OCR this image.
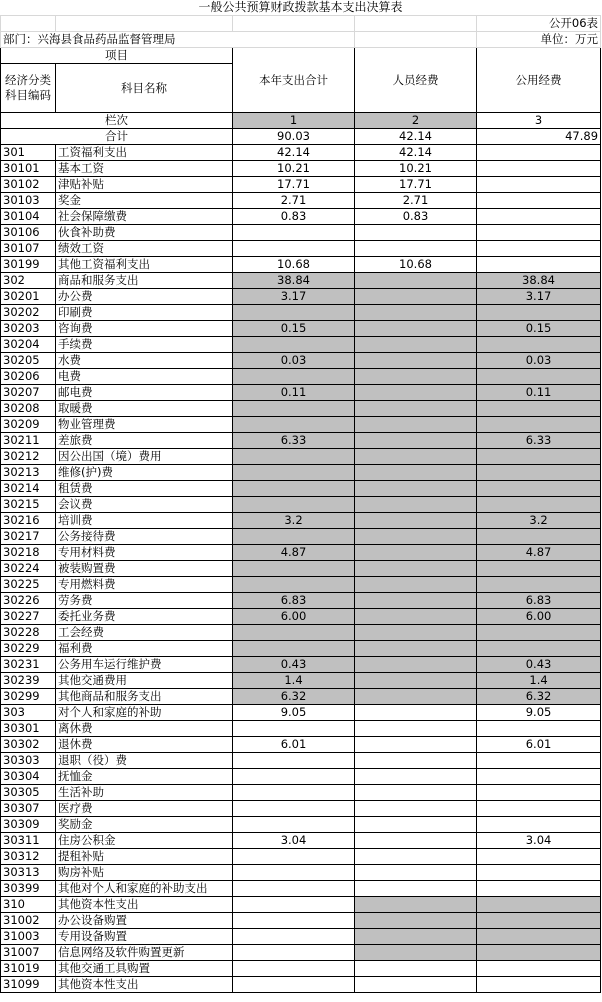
一般公共预算财政拨款基本支出决算表				
				公开06表
部门：兴海县食品药品监督管理局				单位：万元
项目		本年支出合计	人员经费	公用经费
经济分类科目编码	科目名称			
栏次		1	2	3
合计		90.03	42.14	47.89
301	工资福利支出	42.14	42.14	
30101	基本工资	10.21	10.21	
30102	津贴补贴	17.71	17.71	
30103	奖金	2.71	2.71	
30104	社会保障缴费	0.83	0.83	
30106	伙食补助费			
30107	绩效工资			
30199	其他工资福利支出	10.68	10.68	
302	商品和服务支出	38.84		38.84
30201	办公费	3.17		3.17
30202	印刷费			
30203	咨询费	0.15		0.15
30204	手续费			
30205	水费	0.03		0.03
30206	电费			
30207	邮电费	0.11		0.11
30208	取暖费			
30209	物业管理费			
30211	差旅费	6.33		6.33
30212	因公出国（境）费用			
30213	维修(护)费			
30214	租赁费			
30215	会议费			
30216	培训费	3.2		3.2
30217	公务接待费			
30218	专用材料费	4.87		4.87
30224	被装购置费			
30225	专用燃料费			
30226	劳务费	6.83		6.83
30227	委托业务费	6.00		6.00
30228	工会经费			
30229	福利费			
30231	公务用车运行维护费	0.43		0.43
30239	其他交通费用	1.4		1.4
30299	其他商品和服务支出	6.32		6.32
303	对个人和家庭的补助	9.05		9.05
30301	离休费			
30302	退休费	6.01		6.01
30303	退职（役）费			
30304	抚恤金			
30305	生活补助			
30307	医疗费			
30309	奖励金			
30311	住房公积金	3.04		3.04
30312	提租补贴			
30313	购房补贴			
30399	其他对个人和家庭的补助支出			
310	其他资本性支出			
31002	办公设备购置			
31003	专用设备购置			
31007	信息网络及软件购置更新			
31019	其他交通工具购置			
31099	其他资本性支出			
